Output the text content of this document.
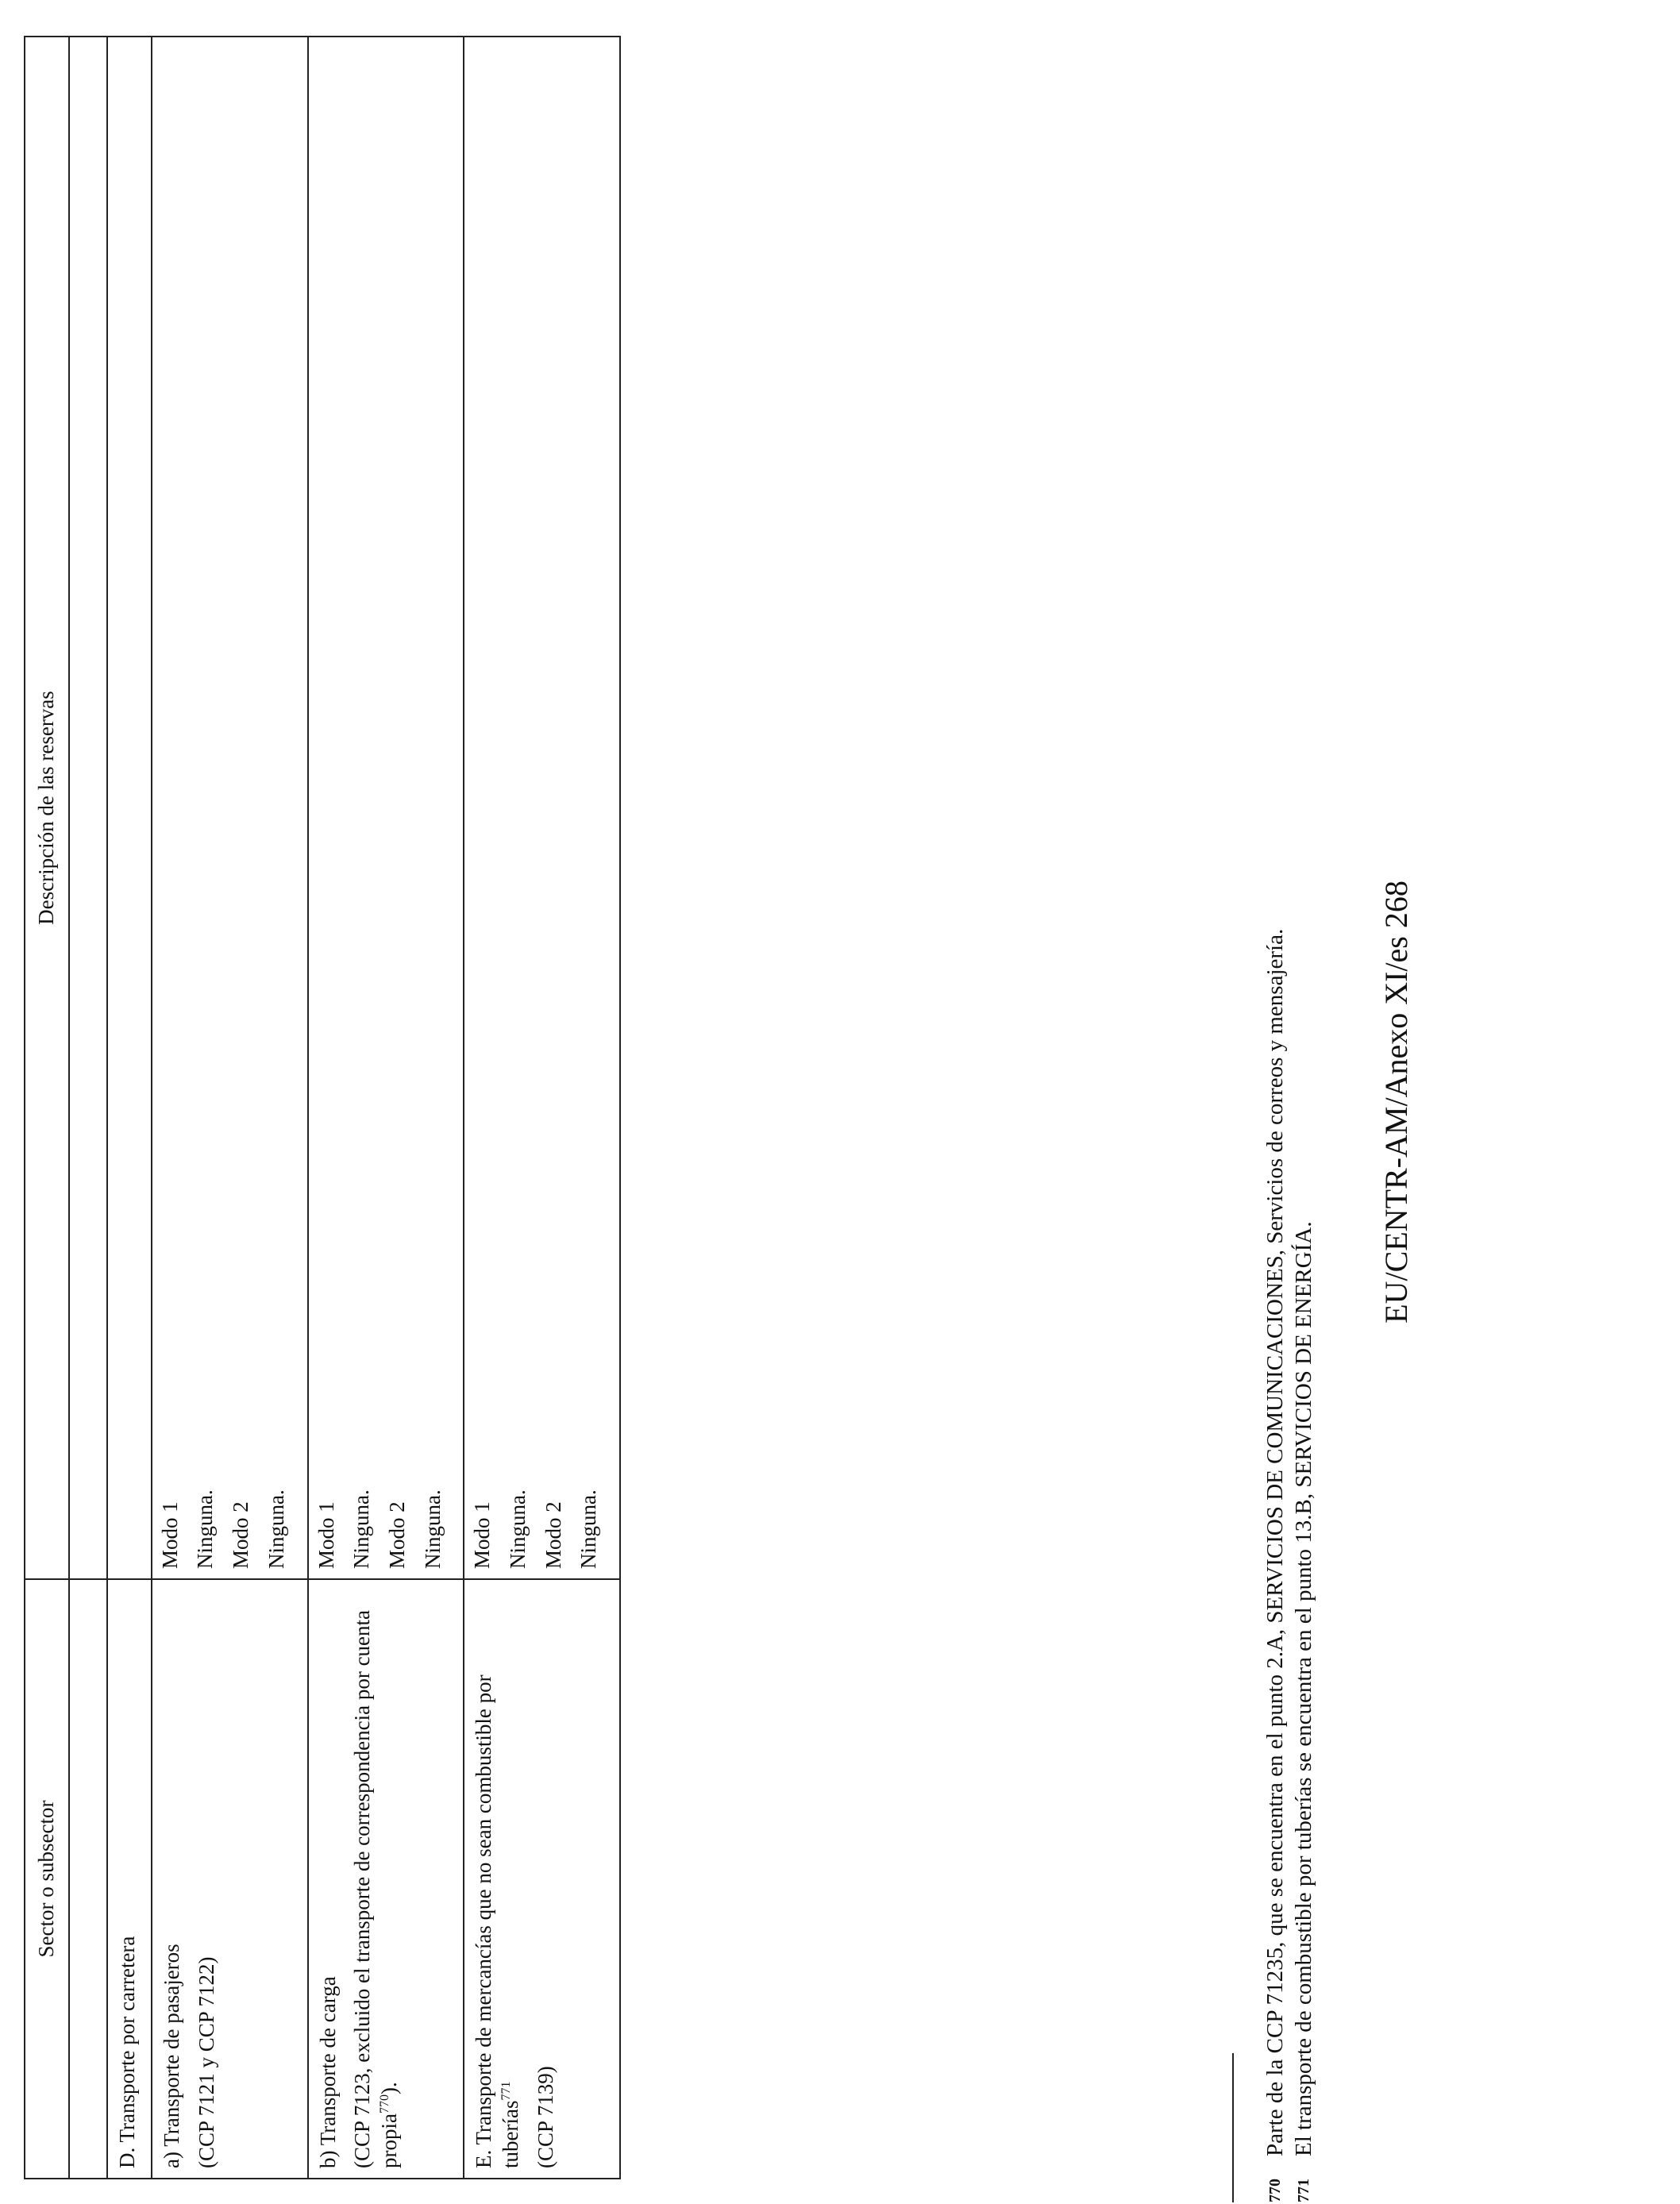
Sector o subsector	Descripción de las reservas

D. Transporte por carretera	

a) Transporte de pasajeros (CCP 7121 y CCP 7122)	Modo 1 Ninguna. Modo 2 Ninguna.

b) Transporte de carga (CCP 7123, excluido el transporte de correspondencia por cuenta propia$^{770}$).	Modo 1 Ninguna. Modo 2 Ninguna.

E. Transporte de mercancías que no sean combustible por tuberías$^{771}$ (CCP 7139)	Modo 1 Ninguna. Modo 2 Ninguna.
770
Parte de la CCP 71235, que se encuentra en el punto 2.A, SERVICIOS DE COMUNICACIONES, Servicios de correos y mensajería.
771
El transporte de combustible por tuberías se encuentra en el punto 13.B, SERVICIOS DE ENERGÍA.
EU/CENTR-AM/Anexo XI/es 268
